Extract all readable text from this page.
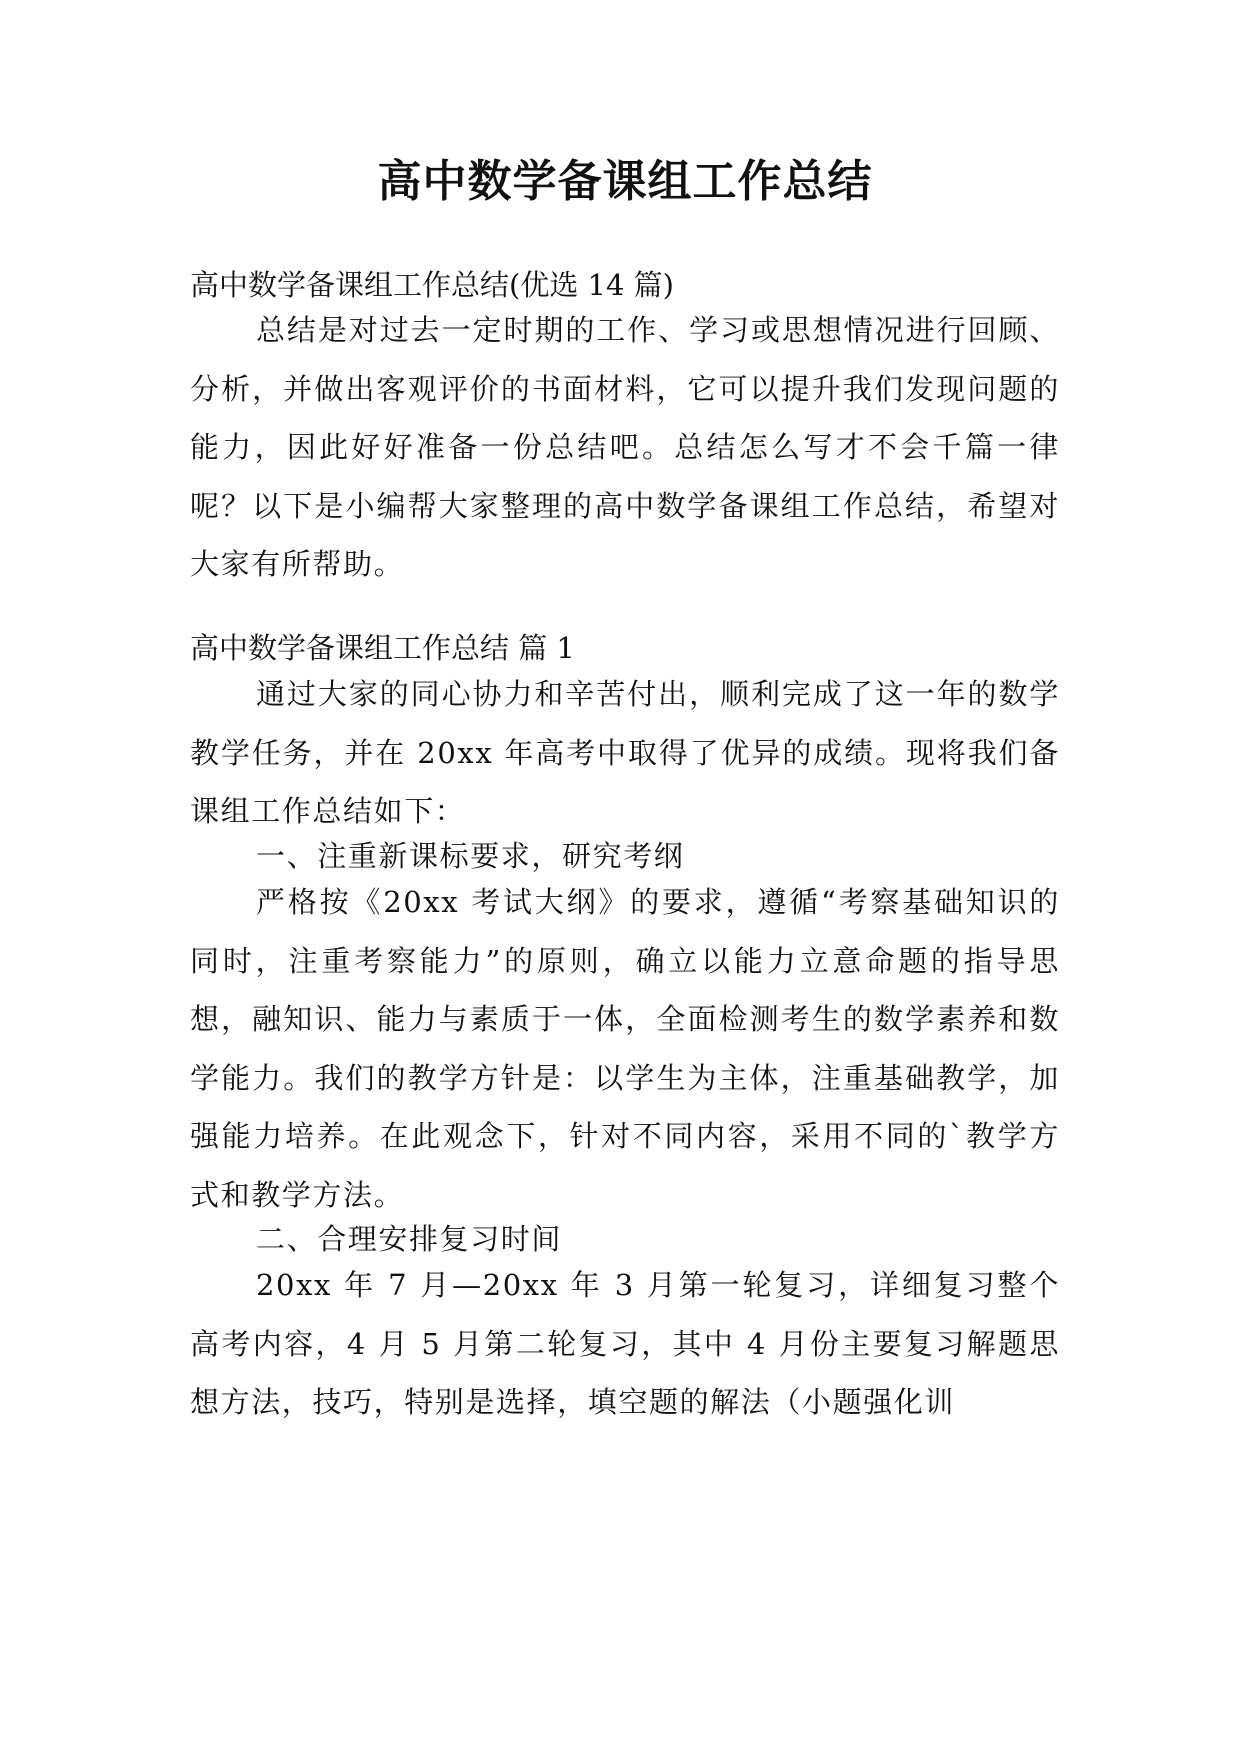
高中数学备课组工作总结

高中数学备课组工作总结(优选 14 篇)

总结是对过去一定时期的工作、学习或思想情况进行回顾、分析，并做出客观评价的书面材料，它可以提升我们发现问题的能力，因此好好准备一份总结吧。总结怎么写才不会千篇一律呢？以下是小编帮大家整理的高中数学备课组工作总结，希望对大家有所帮助。

高中数学备课组工作总结 篇 1

通过大家的同心协力和辛苦付出，顺利完成了这一年的数学教学任务，并在 20xx 年高考中取得了优异的成绩。现将我们备课组工作总结如下：

一、注重新课标要求，研究考纲

严格按《20xx 考试大纲》的要求，遵循“考察基础知识的同时，注重考察能力”的原则，确立以能力立意命题的指导思想，融知识、能力与素质于一体，全面检测考生的数学素养和数学能力。我们的教学方针是：以学生为主体，注重基础教学，加强能力培养。在此观念下，针对不同内容，采用不同的`教学方式和教学方法。

二、合理安排复习时间

20xx 年 7 月—20xx 年 3 月第一轮复习，详细复习整个高考内容，4 月 5 月第二轮复习，其中 4 月份主要复习解题思想方法，技巧，特别是选择，填空题的解法（小题强化训
